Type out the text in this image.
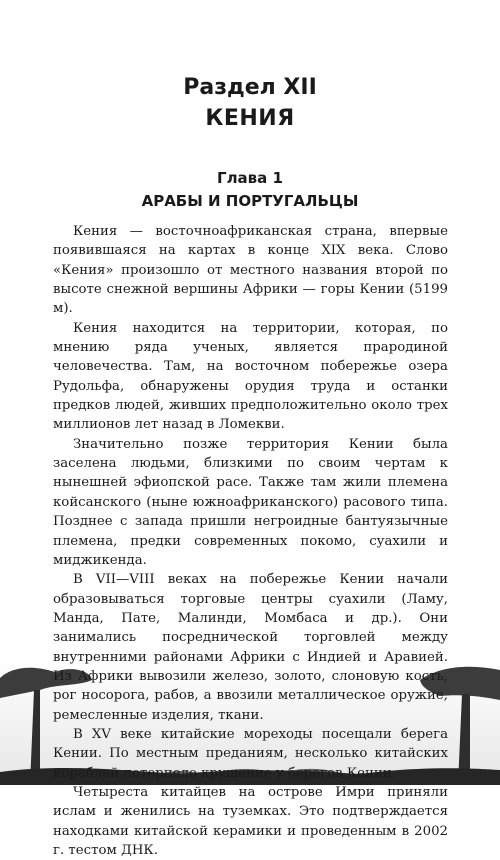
Раздел XII
КЕНИЯ
Глава 1
АРАБЫ И ПОРТУГАЛЬЦЫ

Кения — восточноафриканская страна, впервые появившаяся на картах в конце XIX века. Слово «Кения» произошло от местного названия второй по высоте снежной вершины Африки — горы Кении (5199 м).

Кения находится на территории, которая, по мнению ряда ученых, является прародиной человечества. Там, на восточном побережье озера Рудольфа, обнаружены орудия труда и останки предков людей, живших предположительно около трех миллионов лет назад в Ломекви.

Значительно позже территория Кении была заселена людьми, близкими по своим чертам к нынешней эфиопской расе. Также там жили племена койсанского (ныне южноафриканского) расового типа. Позднее с запада пришли негроидные бантуязычные племена, предки современных покомо, суахили и миджикенда.

В VII—VIII веках на побережье Кении начали образовываться торговые центры суахили (Ламу, Манда, Пате, Малинди, Момбаса и др.). Они занимались посреднической торговлей между внутренними районами Африки с Индией и Аравией. Из Африки вывозили железо, золото, слоновую кость, рог носорога, рабов, а ввозили металлическое оружие, ремесленные изделия, ткани.

В XV веке китайские мореходы посещали берега Кении. По местным преданиям, несколько китайских кораблей потерпело крушение у берегов Кении.

Четыреста китайцев на острове Имри приняли ислам и женились на туземках. Это подтверждается находками китайской керамики и проведенным в 2002 г. тестом ДНК.
